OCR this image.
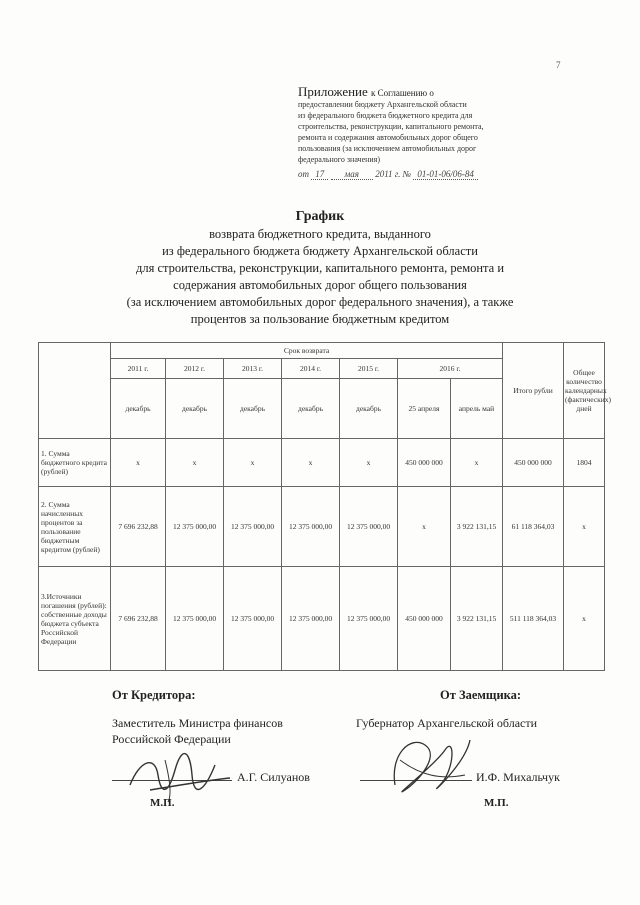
7
Приложение к Соглашению о
предоставлении бюджету Архангельской области
из федерального бюджета бюджетного кредита для
строительства, реконструкции, капитального ремонта,
ремонта и содержания автомобильных дорог общего
пользования (за исключением автомобильных дорог
федерального значения)
от 17 мая 2011 г. № 01-01-06/06-84
График
возврата бюджетного кредита, выданного
из федерального бюджета бюджету Архангельской области
для строительства, реконструкции, капитального ремонта, ремонта и
содержания автомобильных дорог общего пользования
(за исключением автомобильных дорог федерального значения), а также
процентов за пользование бюджетным кредитом
	Срок возврата							Итого рубли	Общее количество календарных (фактических) дней
	2011 г.	2012 г.	2013 г.	2014 г.	2015 г.	2016 г.			
	декабрь	декабрь	декабрь	декабрь	декабрь	25 апреля	апрель май		
1. Сумма бюджетного кредита (рублей)	х	х	х	х	х	450 000 000	х	450 000 000	1804
2. Сумма начисленных процентов за пользование бюджетным кредитом (рублей)	7 696 232,88	12 375 000,00	12 375 000,00	12 375 000,00	12 375 000,00	х	3 922 131,15	61 118 364,03	х
3.Источники погашения (рублей): собственные доходы бюджета субъекта Российской Федерации	7 696 232,88	12 375 000,00	12 375 000,00	12 375 000,00	12 375 000,00	450 000 000	3 922 131,15	511 118 364,03	х
От Кредитора:
Заместитель Министра финансов
Российской Федерации
А.Г. Силуанов
М.П.
От Заемщика:
Губернатор Архангельской области
И.Ф. Михальчук
М.П.
